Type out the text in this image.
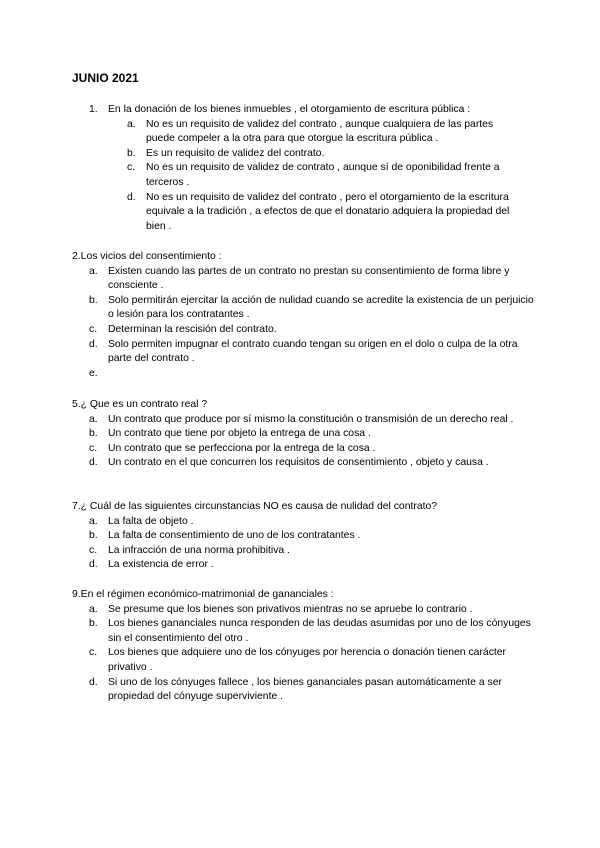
JUNIO 2021
1. En la donación de los bienes inmuebles , el otorgamiento de escritura pública :
a. No es un requisito de validez del contrato , aunque cualquiera de las partes puede compeler a la otra para que otorgue la escritura pública .
b. Es un requisito de validez del contrato.
c.	No es un requisito de validez de contrato , aunque sí de oponibilidad frente a terceros .
d. No es un requisito de validez del contrato , pero el otorgamiento de la escritura equivale a la tradición , a efectos de que el donatario adquiera la propiedad del bien .
2. Los vicios del consentimiento :
a. Existen cuando las partes de un contrato no prestan su consentimiento de forma libre y consciente .
b. Solo permitirán ejercitar la acción de nulidad cuando se acredite la existencia de un perjuicio o lesión para los contratantes .
c.	Determinan la rescisión del contrato.
d. Solo permiten impugnar el contrato cuando tengan su origen en el dolo o culpa de la otra parte del contrato .
e.
5. ¿ Que es un contrato real ?
a. Un contrato que produce por sí mismo la constitución o transmisión de un derecho real .
b. Un contrato que tiene por objeto la entrega de una cosa .
c.	Un contrato que se perfecciona por la entrega de la cosa .
d. Un contrato en el que concurren los requisitos de consentimiento , objeto y causa .
7. ¿ Cuál de las siguientes circunstancias NO es causa de nulidad del contrato?
a. La falta de objeto .
b. La falta de consentimiento de uno de los contratantes .
c.	La infracción de una norma prohibitiva .
d. La existencia de error .
9. En el régimen económico-matrimonial de gananciales :
a. Se presume que los bienes son privativos mientras no se apruebe lo contrario .
b. Los bienes gananciales nunca responden de las deudas asumidas por uno de los cónyuges sin el consentimiento del otro .
c.	Los bienes que adquiere uno de los cónyuges por herencia o donación tienen carácter privativo .
d. Si uno de los cónyuges fallece , los bienes gananciales pasan automáticamente a ser propiedad del cónyuge superviviente .
